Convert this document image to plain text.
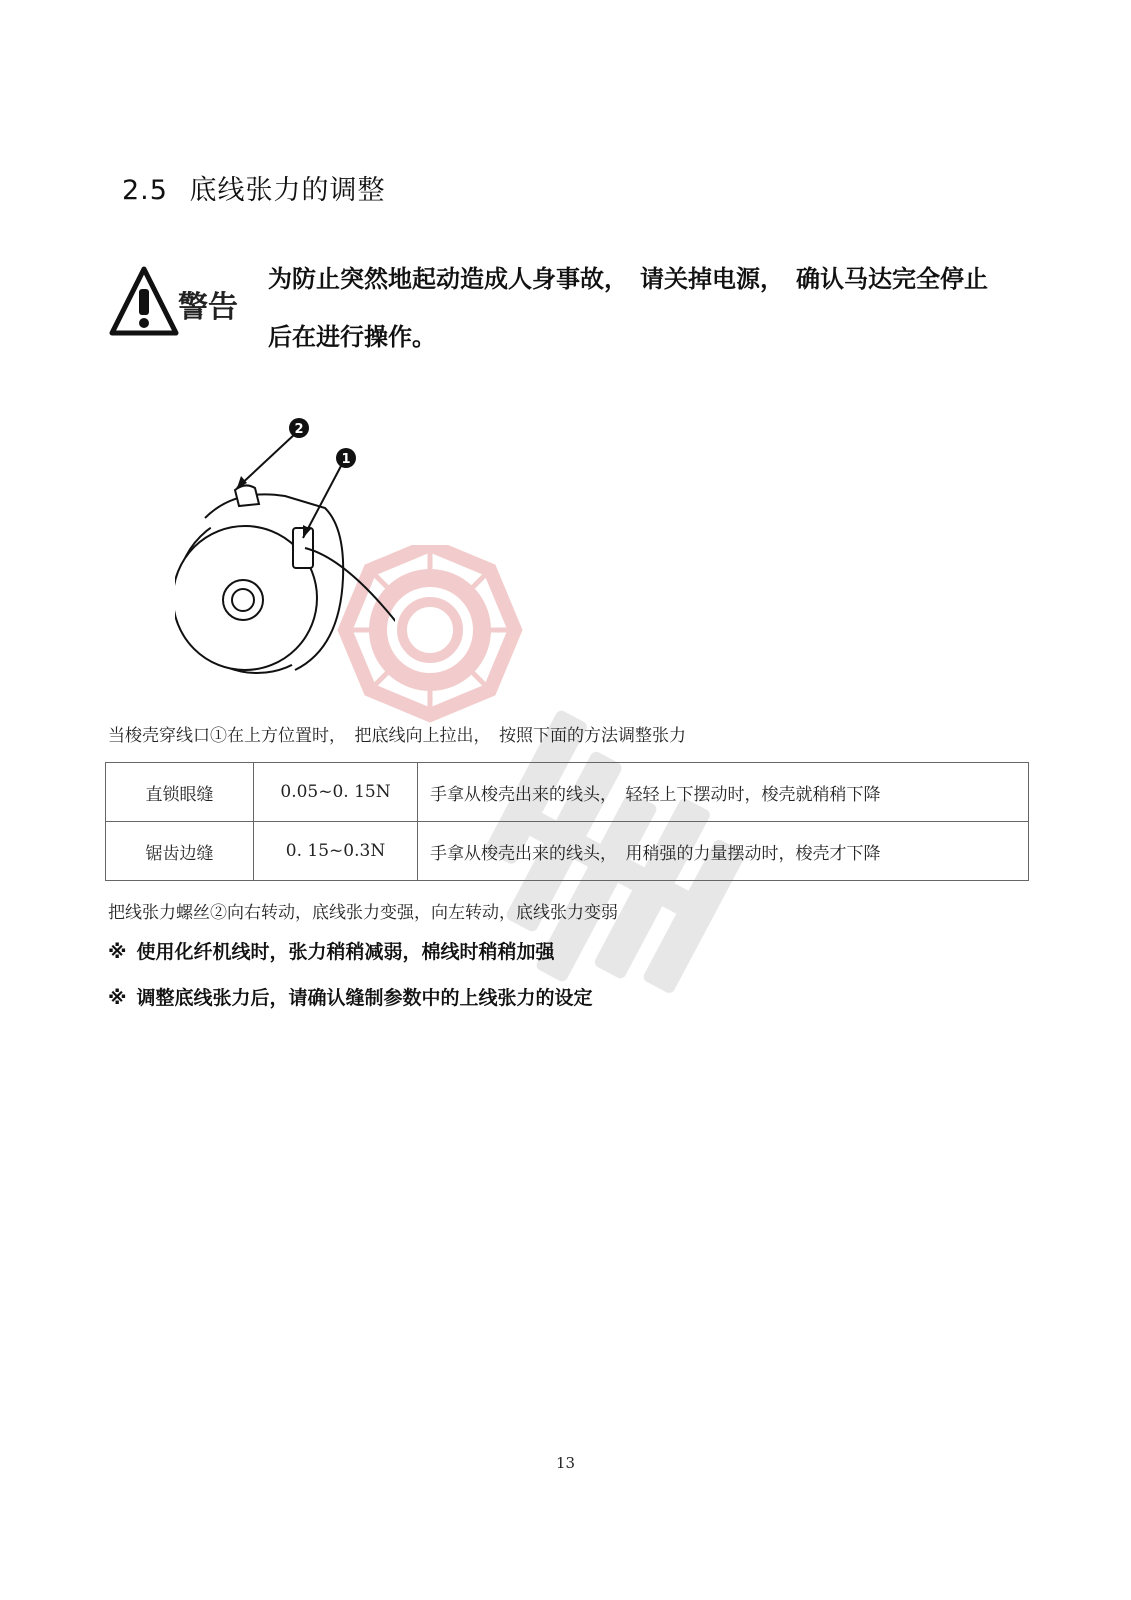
2.5 底线张力的调整
警告
为防止突然地起动造成人身事故，　请关掉电源，　确认马达完全停止
后在进行操作。
2
1
当梭壳穿线口①在上方位置时，　把底线向上拉出，　按照下面的方法调整张力
直锁眼缝	0.05~0. 15N	手拿从梭壳出来的线头，　轻轻上下摆动时，梭壳就稍稍下降
锯齿边缝	0. 15~0.3N	手拿从梭壳出来的线头，　用稍强的力量摆动时，梭壳才下降
把线张力螺丝②向右转动，底线张力变强，向左转动，底线张力变弱
※ 使用化纤机线时，张力稍稍减弱，棉线时稍稍加强
※ 调整底线张力后，请确认缝制参数中的上线张力的设定
13
